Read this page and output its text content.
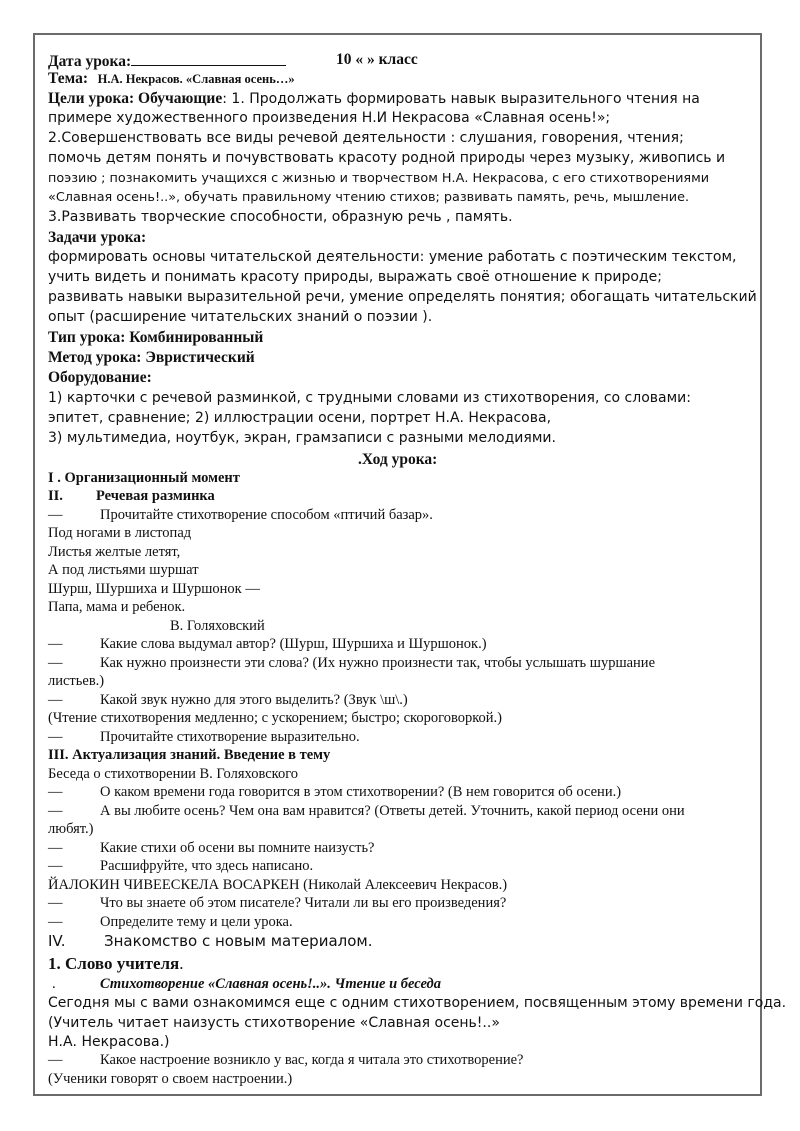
Дата урока:	10 « » класс
Тема: Н.А. Некрасов. «Славная осень…»
Цели урока: Обучающие: 1. Продолжать формировать навык выразительного чтения на
примере художественного произведения Н.И Некрасова «Славная осень!»;
2.Совершенствовать все виды речевой деятельности : слушания, говорения, чтения;
помочь детям понять и почувствовать красоту родной природы через музыку, живопись и
поэзию ; познакомить учащихся с жизнью и творчеством Н.А. Некрасова, с его стихотворениями
«Славная осень!..», обучать правильному чтению стихов; развивать память, речь, мышление.
3.Развивать творческие способности, образную речь , память.
Задачи урока:
формировать основы читательской деятельности: умение работать с поэтическим текстом,
учить видеть и понимать красоту природы, выражать своё отношение к природе;
развивать навыки выразительной речи, умение определять понятия; обогащать читательский
опыт (расширение читательских знаний о поэзии ).
Тип урока: Комбинированный
Метод урока: Эвристический
Оборудование:
1) карточки с речевой разминкой, с трудными словами из стихотворения, со словами:
эпитет, сравнение; 2) иллюстрации осени, портрет Н.А. Некрасова,
3) мультимедиа, ноутбук, экран, грамзаписи с разными мелодиями.
.Ход урока:
I . Организационный момент
II. Речевая разминка
—	Прочитайте стихотворение способом «птичий базар».
Под ногами в листопад
Листья желтые летят,
А под листьями шуршат
Шурш, Шуршиха и Шуршонок —
Папа, мама и ребенок.
В. Голяховский
—	Какие слова выдумал автор? (Шурш, Шуршиха и Шуршонок.)
—	Как нужно произнести эти слова? (Их нужно произнести так, чтобы услышать шуршание
листьев.)
—	Какой звук нужно для этого выделить? (Звук \ш\.)
(Чтение стихотворения медленно; с ускорением; быстро; скороговоркой.)
—	Прочитайте стихотворение выразительно.
III. Актуализация знаний. Введение в тему
Беседа о стихотворении В. Голяховского
—	О каком времени года говорится в этом стихотворении? (В нем говорится об осени.)
—	А вы любите осень? Чем она вам нравится? (Ответы детей. Уточнить, какой период осени они
любят.)
—	Какие стихи об осени вы помните наизусть?
—	Расшифруйте, что здесь написано.
ЙАЛОКИН ЧИВЕЕСКЕЛА ВОСАРКЕН (Николай Алексеевич Некрасов.)
—	Что вы знаете об этом писателе? Читали ли вы его произведения?
—	Определите тему и цели урока.
IV.	Знакомство с новым материалом.
1. Слово учителя.
.	Стихотворение «Славная осень!..». Чтение и беседа
Сегодня мы с вами ознакомимся еще с одним стихотворением, посвященным этому времени года.
(Учитель читает наизусть стихотворение «Славная осень!..»
Н.А. Некрасова.)
—	Какое настроение возникло у вас, когда я читала это стихотворение?
(Ученики говорят о своем настроении.)
